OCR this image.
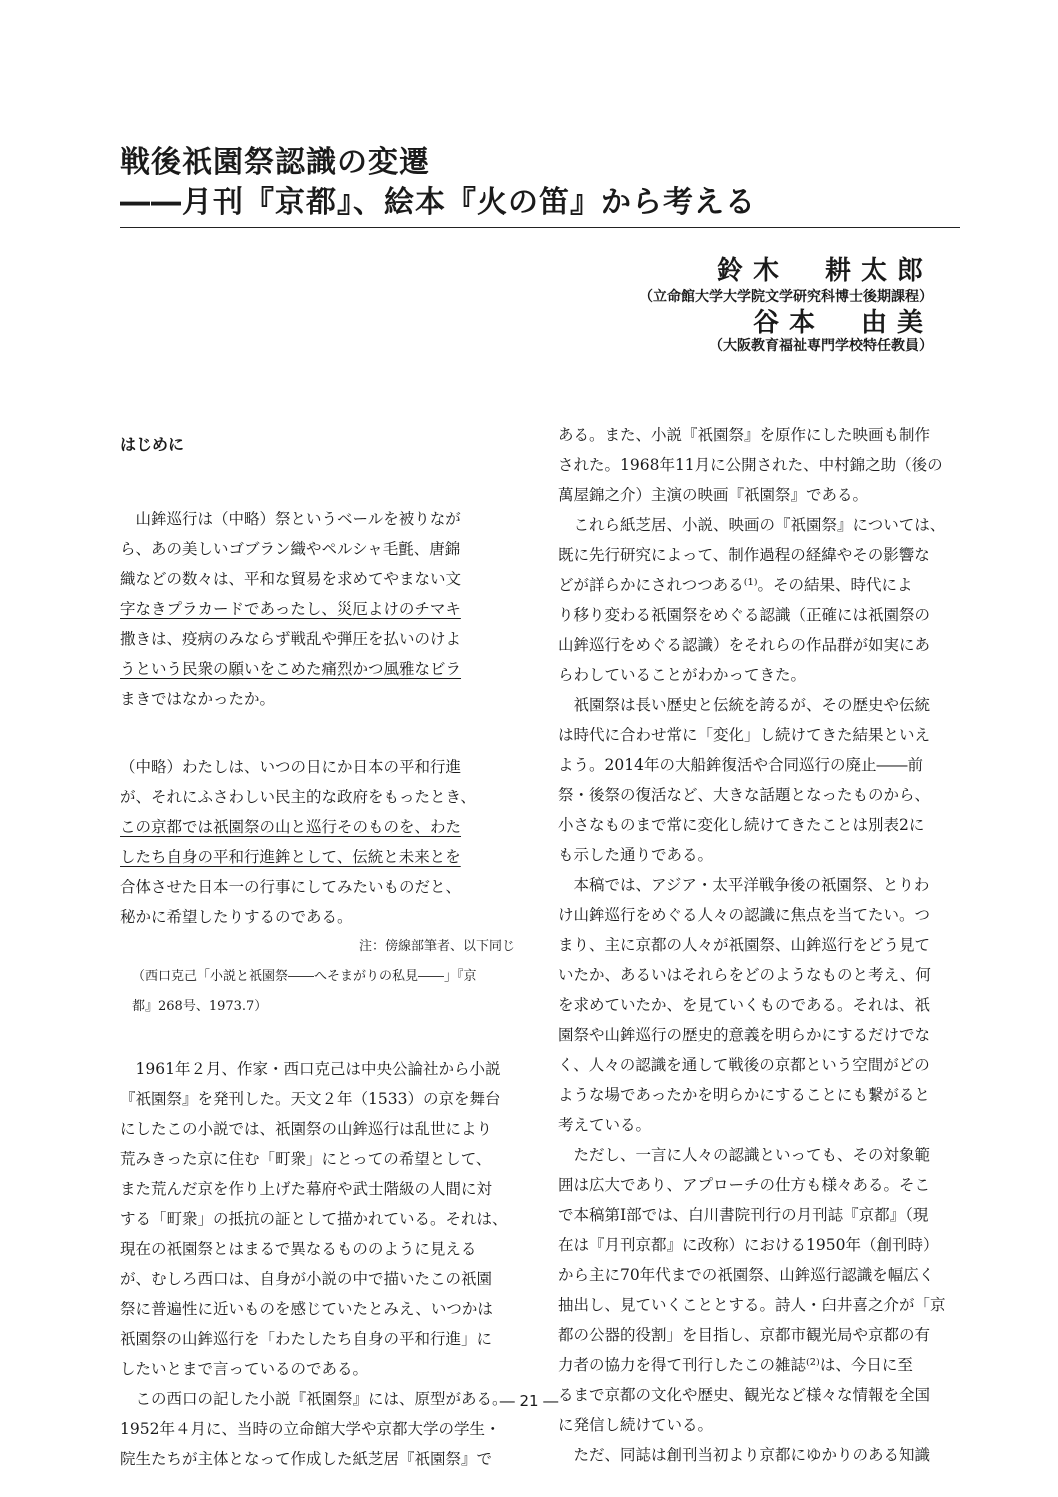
戦後祇園祭認識の変遷
――月刊『京都』、絵本『火の笛』から考える
鈴木　耕太郎
（立命館大学大学院文学研究科博士後期課程）
谷本　由美
（大阪教育福祉専門学校特任教員）
はじめに
　山鉾巡行は（中略）祭というベールを被りなが
ら、あの美しいゴブラン織やペルシャ毛氈、唐錦
織などの数々は、平和な貿易を求めてやまない文
字なきプラカードであったし、災厄よけのチマキ
撒きは、疫病のみならず戦乱や弾圧を払いのけよ
うという民衆の願いをこめた痛烈かつ風雅なビラ
まきではなかったか。
（中略）わたしは、いつの日にか日本の平和行進
が、それにふさわしい民主的な政府をもったとき、
この京都では祇園祭の山と巡行そのものを、わた
したち自身の平和行進鉾として、伝統と未来とを
合体させた日本一の行事にしてみたいものだと、
秘かに希望したりするのである。
注：傍線部筆者、以下同じ
（西口克己「小説と祇園祭――へそまがりの私見――」『京
都』268号、1973.7）
　1961年２月、作家・西口克己は中央公論社から小説
『祇園祭』を発刊した。天文２年（1533）の京を舞台
にしたこの小説では、祇園祭の山鉾巡行は乱世により
荒みきった京に住む「町衆」にとっての希望として、
また荒んだ京を作り上げた幕府や武士階級の人間に対
する「町衆」の抵抗の証として描かれている。それは、
現在の祇園祭とはまるで異なるもののように見える
が、むしろ西口は、自身が小説の中で描いたこの祇園
祭に普遍性に近いものを感じていたとみえ、いつかは
祇園祭の山鉾巡行を「わたしたち自身の平和行進」に
したいとまで言っているのである。
　この西口の記した小説『祇園祭』には、原型がある。
1952年４月に、当時の立命館大学や京都大学の学生・
院生たちが主体となって作成した紙芝居『祇園祭』で
ある。また、小説『祇園祭』を原作にした映画も制作
された。1968年11月に公開された、中村錦之助（後の
萬屋錦之介）主演の映画『祇園祭』である。
　これら紙芝居、小説、映画の『祇園祭』については、
既に先行研究によって、制作過程の経緯やその影響な
どが詳らかにされつつある⁽¹⁾。その結果、時代によ
り移り変わる祇園祭をめぐる認識（正確には祇園祭の
山鉾巡行をめぐる認識）をそれらの作品群が如実にあ
らわしていることがわかってきた。
　祇園祭は長い歴史と伝統を誇るが、その歴史や伝統
は時代に合わせ常に「変化」し続けてきた結果といえ
よう。2014年の大船鉾復活や合同巡行の廃止――前
祭・後祭の復活など、大きな話題となったものから、
小さなものまで常に変化し続けてきたことは別表2に
も示した通りである。
　本稿では、アジア・太平洋戦争後の祇園祭、とりわ
け山鉾巡行をめぐる人々の認識に焦点を当てたい。つ
まり、主に京都の人々が祇園祭、山鉾巡行をどう見て
いたか、あるいはそれらをどのようなものと考え、何
を求めていたか、を見ていくものである。それは、祇
園祭や山鉾巡行の歴史的意義を明らかにするだけでな
く、人々の認識を通して戦後の京都という空間がどの
ような場であったかを明らかにすることにも繋がると
考えている。
　ただし、一言に人々の認識といっても、その対象範
囲は広大であり、アプローチの仕方も様々ある。そこ
で本稿第Ⅰ部では、白川書院刊行の月刊誌『京都』（現
在は『月刊京都』に改称）における1950年（創刊時）
から主に70年代までの祇園祭、山鉾巡行認識を幅広く
抽出し、見ていくこととする。詩人・臼井喜之介が「京
都の公器的役割」を目指し、京都市観光局や京都の有
力者の協力を得て刊行したこの雑誌⁽²⁾は、今日に至
るまで京都の文化や歴史、観光など様々な情報を全国
に発信し続けている。
　ただ、同誌は創刊当初より京都にゆかりのある知識
― 21 ―
